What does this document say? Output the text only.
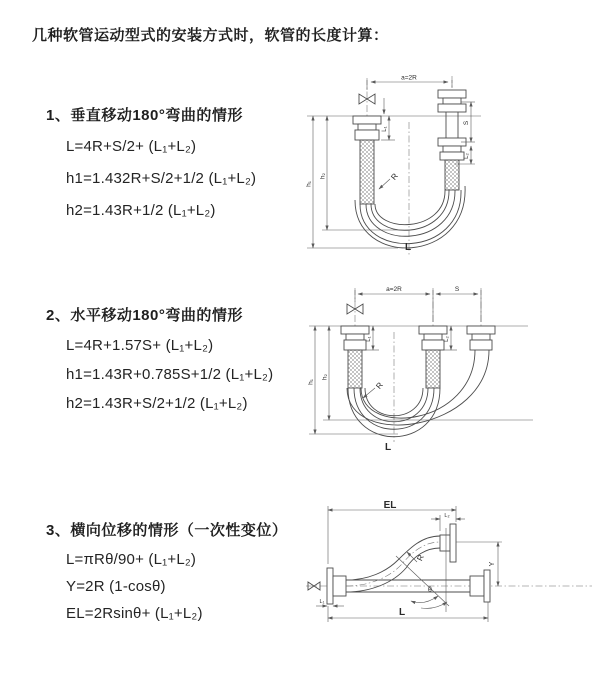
几种软管运动型式的安装方式时，软管的长度计算：
1、垂直移动180°弯曲的情形
L=4R+S/2+ (L₁+L₂)
h1=1.432R+S/2+1/2 (L₁+L₂)
h2=1.43R+1/2 (L₁+L₂)
2、水平移动180°弯曲的情形
L=4R+1.57S+ (L₁+L₂)
h1=1.43R+0.785S+1/2 (L₁+L₂)
h2=1.43R+S/2+1/2 (L₁+L₂)
3、横向位移的情形（一次性变位）
L=πRθ/90+ (L₁+L₂)
Y=2R (1-cosθ)
EL=2Rsinθ+ (L₁+L₂)
a=2R
h₁
h₂
L₁
S
L₂
R
L
a=2R	S
h₁
h₂
L₁	L₂
R
L
EL
L₂
Y
θ
R
L₁
L
